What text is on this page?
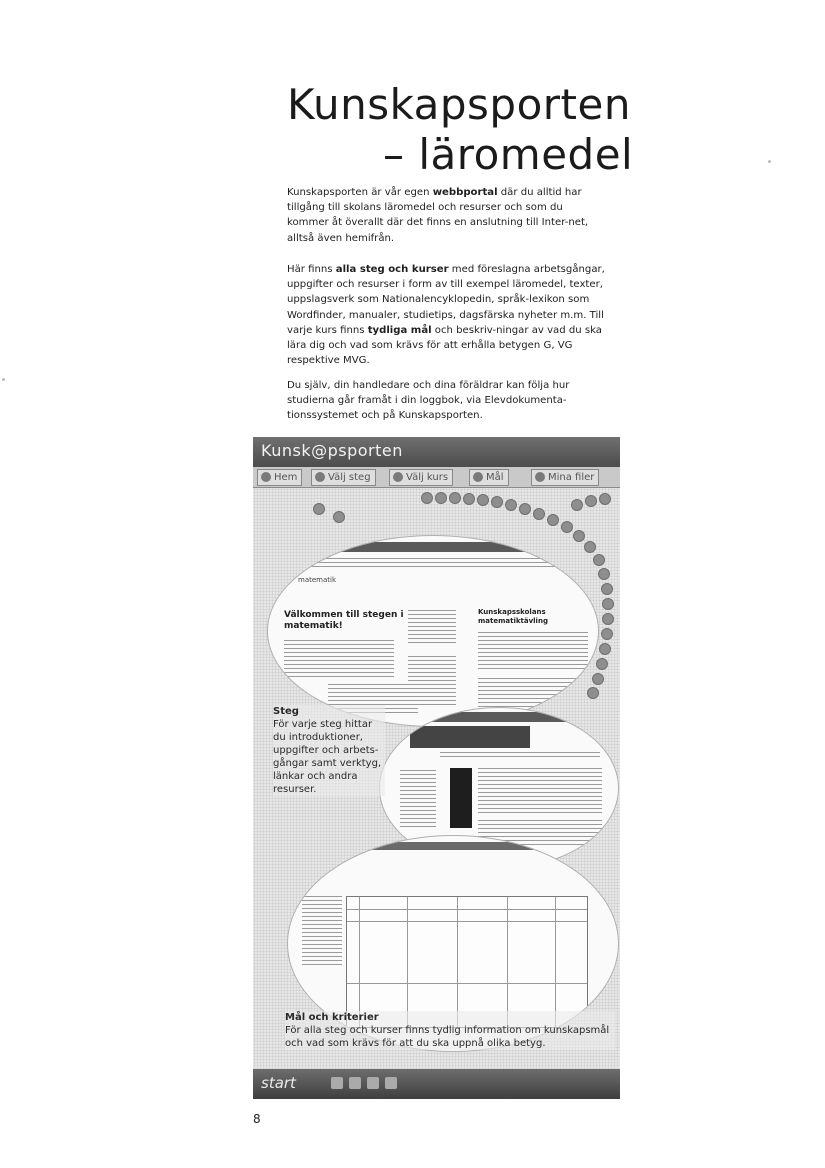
Kunskapsporten
– läromedel

Kunskapsporten är vår egen webbportal där du alltid har tillgång till skolans läromedel och resurser och som du kommer åt överallt där det finns en anslutning till Inter-net, alltså även hemifrån.

Här finns alla steg och kurser med föreslagna arbetsgångar, uppgifter och resurser i form av till exempel läromedel, texter, uppslagsverk som Nationalencyklopedin, språk-lexikon som Wordfinder, manualer, studietips, dagsfärska nyheter m.m. Till varje kurs finns tydliga mål och beskriv-ningar av vad du ska lära dig och vad som krävs för att erhålla betygen G, VG respektive MVG.

Du själv, din handledare och dina föräldrar kan följa hur studierna går framåt i din loggbok, via Elevdokumenta-tionssystemet och på Kunskapsporten.

Kunsk@psporten
Hem	Välj steg	Välj kurs	Mål	Mina filer
matematik
Välkommen till stegen i matematik!
Kunskapsskolans matematiktävling
Steg
För varje steg hittar du introduktioner, uppgifter och arbets-gångar samt verktyg, länkar och andra resurser.
Mål och kriterier
För alla steg och kurser finns tydlig information om kunskapsmål och vad som krävs för att du ska uppnå olika betyg.
start
8
